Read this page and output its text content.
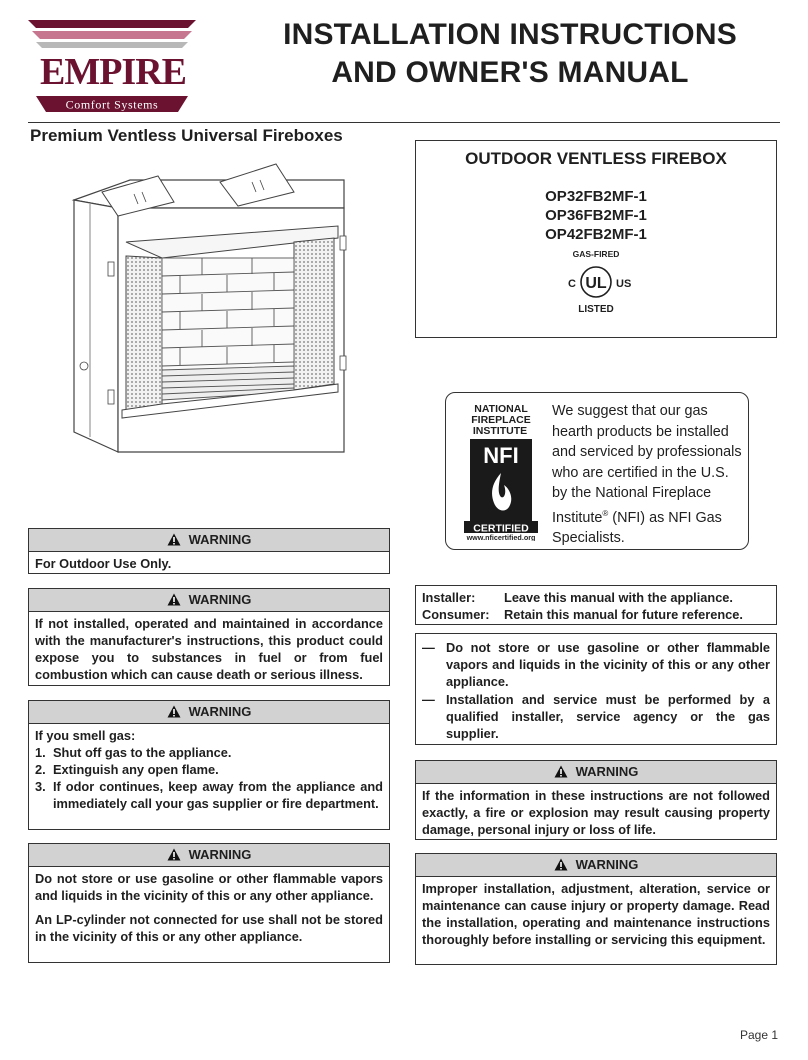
EMPIRE
Comfort Systems
INSTALLATION INSTRUCTIONS
AND OWNER'S MANUAL
Premium Ventless Universal Fireboxes
OUTDOOR VENTLESS FIREBOX
OP32FB2MF-1
OP36FB2MF-1
OP42FB2MF-1
GAS-FIRED
UL
C	US
LISTED
NATIONAL
FIREPLACE
INSTITUTE
NFI
CERTIFIED
www.nficertified.org
We suggest that our gas hearth products be installed and serviced by professionals who are certified in the U.S. by the National Fireplace Institute® (NFI) as NFI Gas Specialists.
WARNING

For Outdoor Use Only.

WARNING

If not installed, operated and maintained in accordance with the manufacturer's instructions, this product could expose you to substances in fuel or from fuel combustion which can cause death or serious illness.

WARNING

If you smell gas:

1. Shut off gas to the appliance.
2. Extinguish any open flame.
3. If odor continues, keep away from the appliance and immediately call your gas supplier or fire department.
WARNING

Do not store or use gasoline or other flammable vapors and liquids in the vicinity of this or any other appliance.

An LP-cylinder not connected for use shall not be stored in the vicinity of this or any other appliance.

Installer:	Leave this manual with the appliance.
Consumer:	Retain this manual for future reference.
— Do not store or use gasoline or other flammable vapors and liquids in the vicinity of this or any other appliance.
— Installation and service must be performed by a qualified installer, service agency or the gas supplier.
WARNING

If the information in these instructions are not followed exactly, a fire or explosion may result causing property damage, personal injury or loss of life.

WARNING

Improper installation, adjustment, alteration, service or maintenance can cause injury or property damage. Read the installation, operating and maintenance instructions thoroughly before installing or servicing this equipment.

Page 1
